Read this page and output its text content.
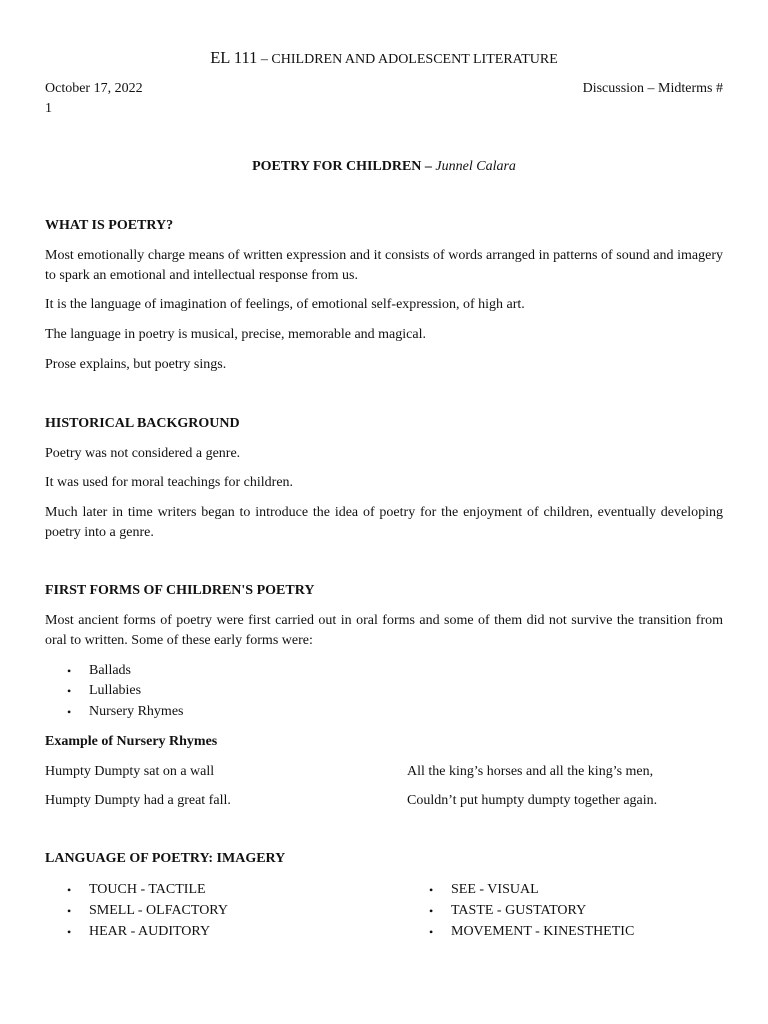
EL 111 – CHILDREN AND ADOLESCENT LITERATURE
October 17, 2022	Discussion – Midterms #
1
POETRY FOR CHILDREN – Junnel Calara
WHAT IS POETRY?
Most emotionally charge means of written expression and it consists of words arranged in patterns of sound and imagery to spark an emotional and intellectual response from us.
It is the language of imagination of feelings, of emotional self-expression, of high art.
The language in poetry is musical, precise, memorable and magical.
Prose explains, but poetry sings.
HISTORICAL BACKGROUND
Poetry was not considered a genre.
It was used for moral teachings for children.
Much later in time writers began to introduce the idea of poetry for the enjoyment of children, eventually developing poetry into a genre.
FIRST FORMS OF CHILDREN'S POETRY
Most ancient forms of poetry were first carried out in oral forms and some of them did not survive the transition from oral to written. Some of these early forms were:
• Ballads
• Lullabies
• Nursery Rhymes
Example of Nursery Rhymes
Humpty Dumpty sat on a wall
Humpty Dumpty had a great fall.
All the king’s horses and all the king’s men,
Couldn’t put humpty dumpty together again.
LANGUAGE OF POETRY: IMAGERY
• TOUCH - TACTILE
• SMELL - OLFACTORY
• HEAR - AUDITORY
• SEE - VISUAL
• TASTE - GUSTATORY
• MOVEMENT - KINESTHETIC
